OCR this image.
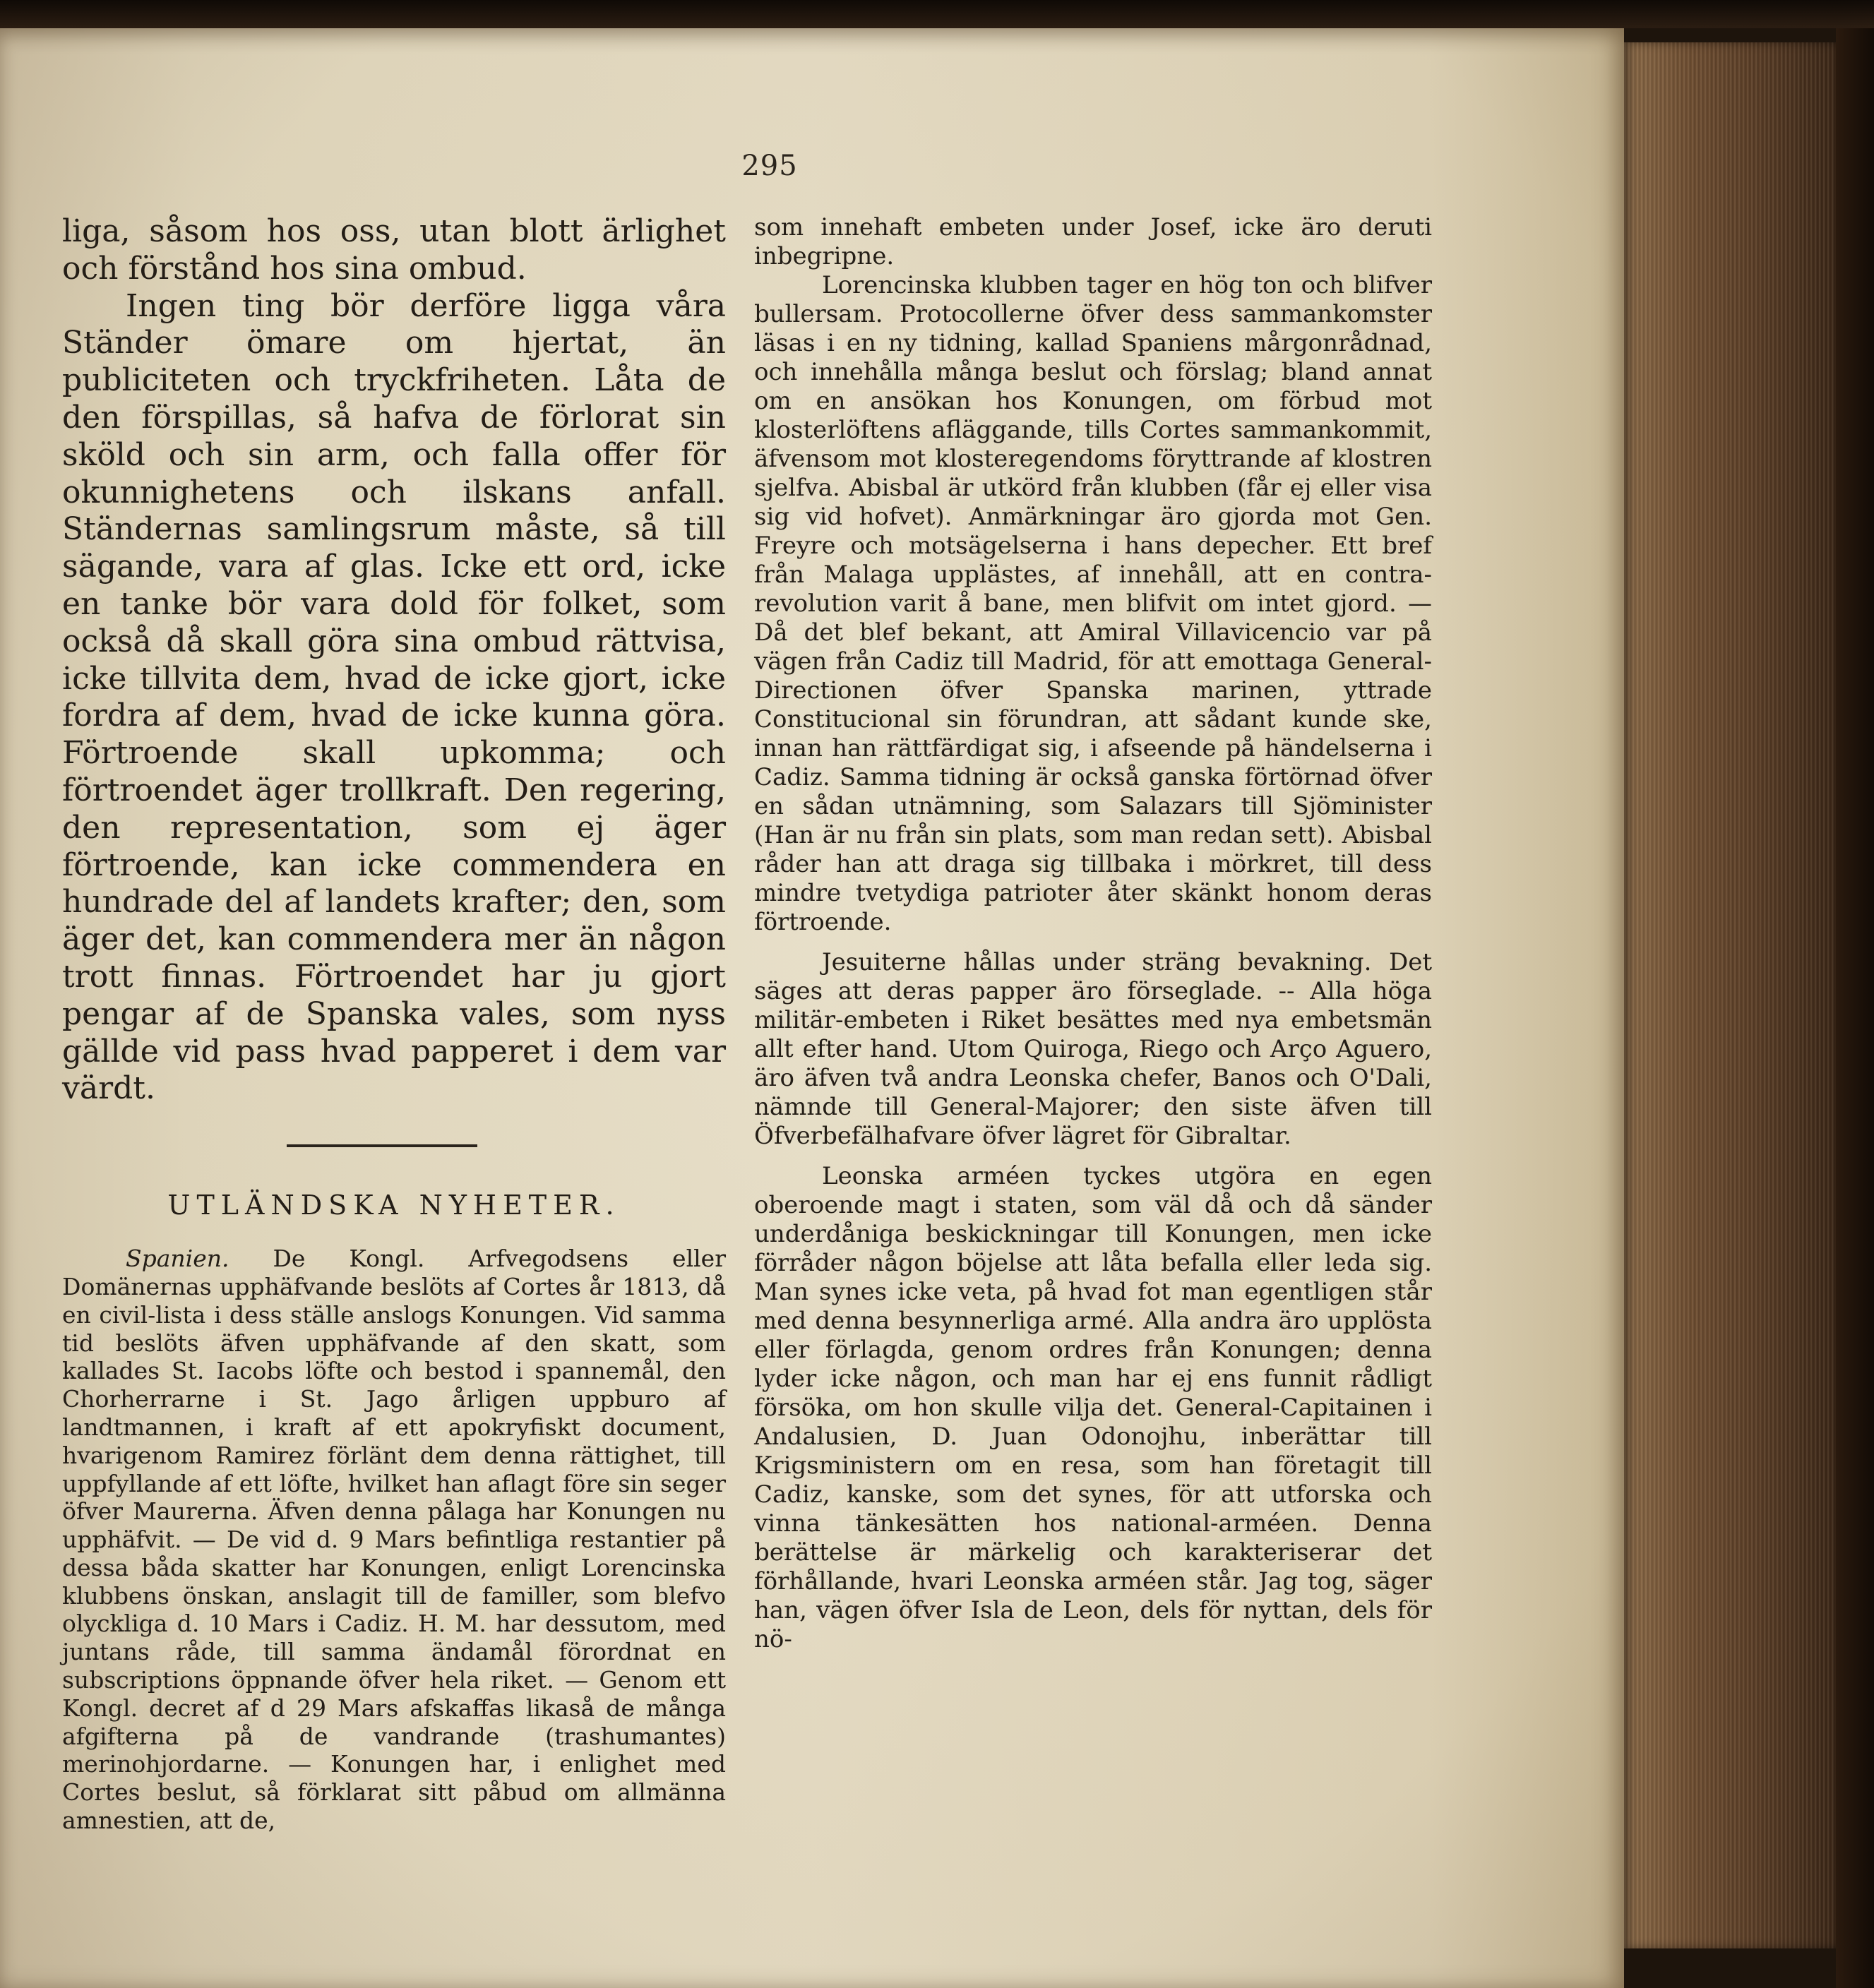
295

liga, såsom hos oss, utan blott ärlighet och förstånd hos sina ombud.

Ingen ting bör derföre ligga våra Ständer ömare om hjertat, än publiciteten och tryckfriheten. Låta de den förspillas, så hafva de förlorat sin sköld och sin arm, och falla offer för okunnighetens och ilskans anfall. Ständernas samlingsrum måste, så till sägande, vara af glas. Icke ett ord, icke en tanke bör vara dold för folket, som också då skall göra sina ombud rättvisa, icke tillvita dem, hvad de icke gjort, icke fordra af dem, hvad de icke kunna göra. Förtroende skall upkomma; och förtroendet äger trollkraft. Den regering, den representation, som ej äger förtroende, kan icke commendera en hundrade del af landets krafter; den, som äger det, kan commendera mer än någon trott finnas. Förtroendet har ju gjort pengar af de Spanska vales, som nyss gällde vid pass hvad papperet i dem var värdt.

UTLÄNDSKA NYHETER.

Spanien. De Kongl. Arfvegodsens eller Domänernas upphäfvande beslöts af Cortes år 1813, då en civil-lista i dess ställe anslogs Konungen. Vid samma tid beslöts äfven upphäfvande af den skatt, som kallades St. Iacobs löfte och bestod i spannemål, den Chorherrarne i St. Jago årligen uppburo af landtmannen, i kraft af ett apokryfiskt document, hvarigenom Ramirez förlänt dem denna rättighet, till uppfyllande af ett löfte, hvilket han aflagt före sin seger öfver Maurerna. Äfven denna pålaga har Konungen nu upphäfvit. — De vid d. 9 Mars befintliga restantier på dessa båda skatter har Konungen, enligt Lorencinska klubbens önskan, anslagit till de familler, som blefvo olyckliga d. 10 Mars i Cadiz. H. M. har dessutom, med juntans råde, till samma ändamål förordnat en subscriptions öppnande öfver hela riket. — Genom ett Kongl. decret af d 29 Mars afskaffas likaså de många afgifterna på de vandrande (trashumantes) merinohjordarne. — Konungen har, i enlighet med Cortes beslut, så förklarat sitt påbud om allmänna amnestien, att de,

som innehaft embeten under Josef, icke äro deruti inbegripne.

Lorencinska klubben tager en hög ton och blifver bullersam. Protocollerne öfver dess sammankomster läsas i en ny tidning, kallad Spaniens mårgonrådnad, och innehålla många beslut och förslag; bland annat om en ansökan hos Konungen, om förbud mot klosterlöftens afläggande, tills Cortes sammankommit, äfvensom mot klosteregendoms föryttrande af klostren sjelfva. Abisbal är utkörd från klubben (får ej eller visa sig vid hofvet). Anmärkningar äro gjorda mot Gen. Freyre och motsägelserna i hans depecher. Ett bref från Malaga upplästes, af innehåll, att en contra-revolution varit å bane, men blifvit om intet gjord. — Då det blef bekant, att Amiral Villavicencio var på vägen från Cadiz till Madrid, för att emottaga General-Directionen öfver Spanska marinen, yttrade Constitucional sin förundran, att sådant kunde ske, innan han rättfärdigat sig, i afseende på händelserna i Cadiz. Samma tidning är också ganska förtörnad öfver en sådan utnämning, som Salazars till Sjöminister (Han är nu från sin plats, som man redan sett). Abisbal råder han att draga sig tillbaka i mörkret, till dess mindre tvetydiga patrioter åter skänkt honom deras förtroende.

Jesuiterne hållas under sträng bevakning. Det säges att deras papper äro förseglade. -- Alla höga militär-embeten i Riket besättes med nya embetsmän allt efter hand. Utom Quiroga, Riego och Arço Aguero, äro äfven två andra Leonska chefer, Banos och O'Dali, nämnde till General-Majorer; den siste äfven till Öfverbefälhafvare öfver lägret för Gibraltar.

Leonska arméen tyckes utgöra en egen oberoende magt i staten, som väl då och då sänder underdåniga beskickningar till Konungen, men icke förråder någon böjelse att låta befalla eller leda sig. Man synes icke veta, på hvad fot man egentligen står med denna besynnerliga armé. Alla andra äro upplösta eller förlagda, genom ordres från Konungen; denna lyder icke någon, och man har ej ens funnit rådligt försöka, om hon skulle vilja det. General-Capitainen i Andalusien, D. Juan Odonojhu, inberättar till Krigsministern om en resa, som han företagit till Cadiz, kanske, som det synes, för att utforska och vinna tänkesätten hos national-arméen. Denna berättelse är märkelig och karakteriserar det förhållande, hvari Leonska arméen står. Jag tog, säger han, vägen öfver Isla de Leon, dels för nyttan, dels för nö-
